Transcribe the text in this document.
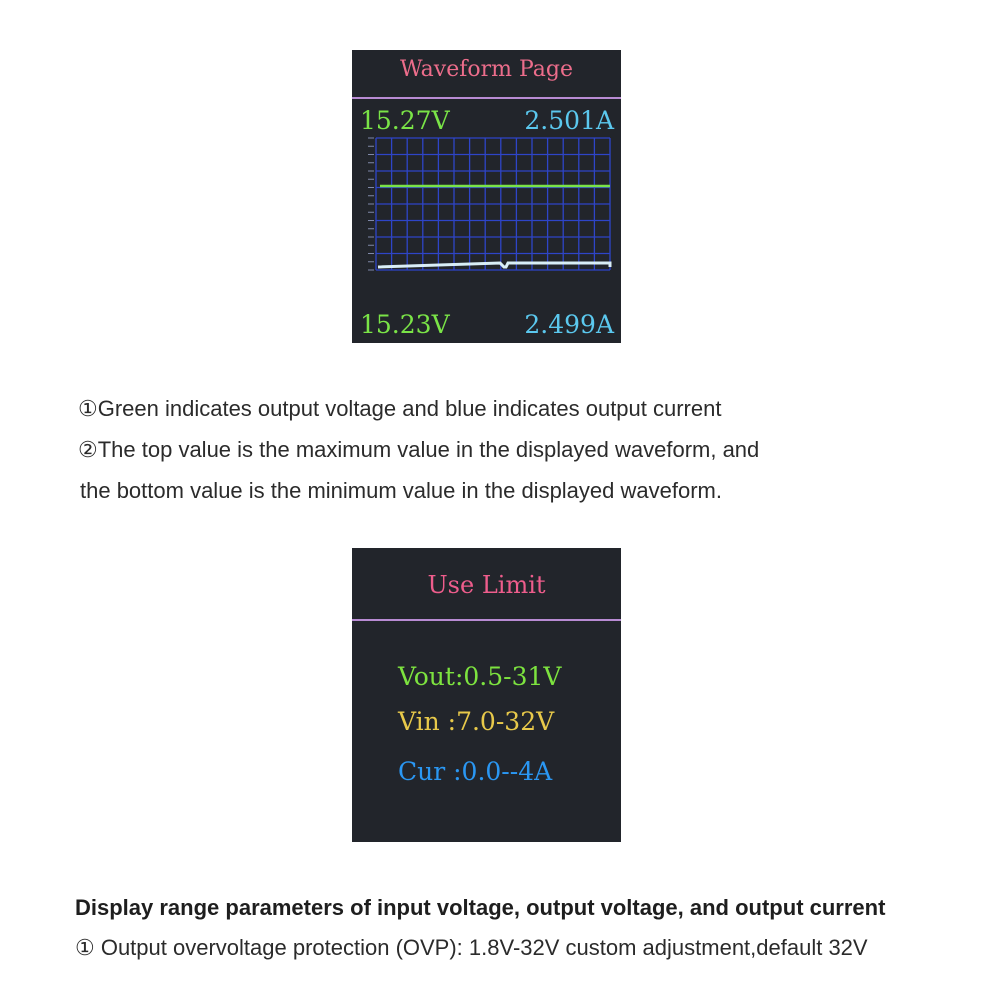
Waveform Page
15.27V	2.501A
15.23V	2.499A
①Green indicates output voltage and blue indicates output current
②The top value is the maximum value in the displayed waveform, and
the bottom value is the minimum value in the displayed waveform.
Use Limit
Vout:0.5-31V
Vin :7.0-32V
Cur :0.0--4A
Display range parameters of input voltage, output voltage, and output current
① Output overvoltage protection (OVP): 1.8V-32V custom adjustment,default 32V
